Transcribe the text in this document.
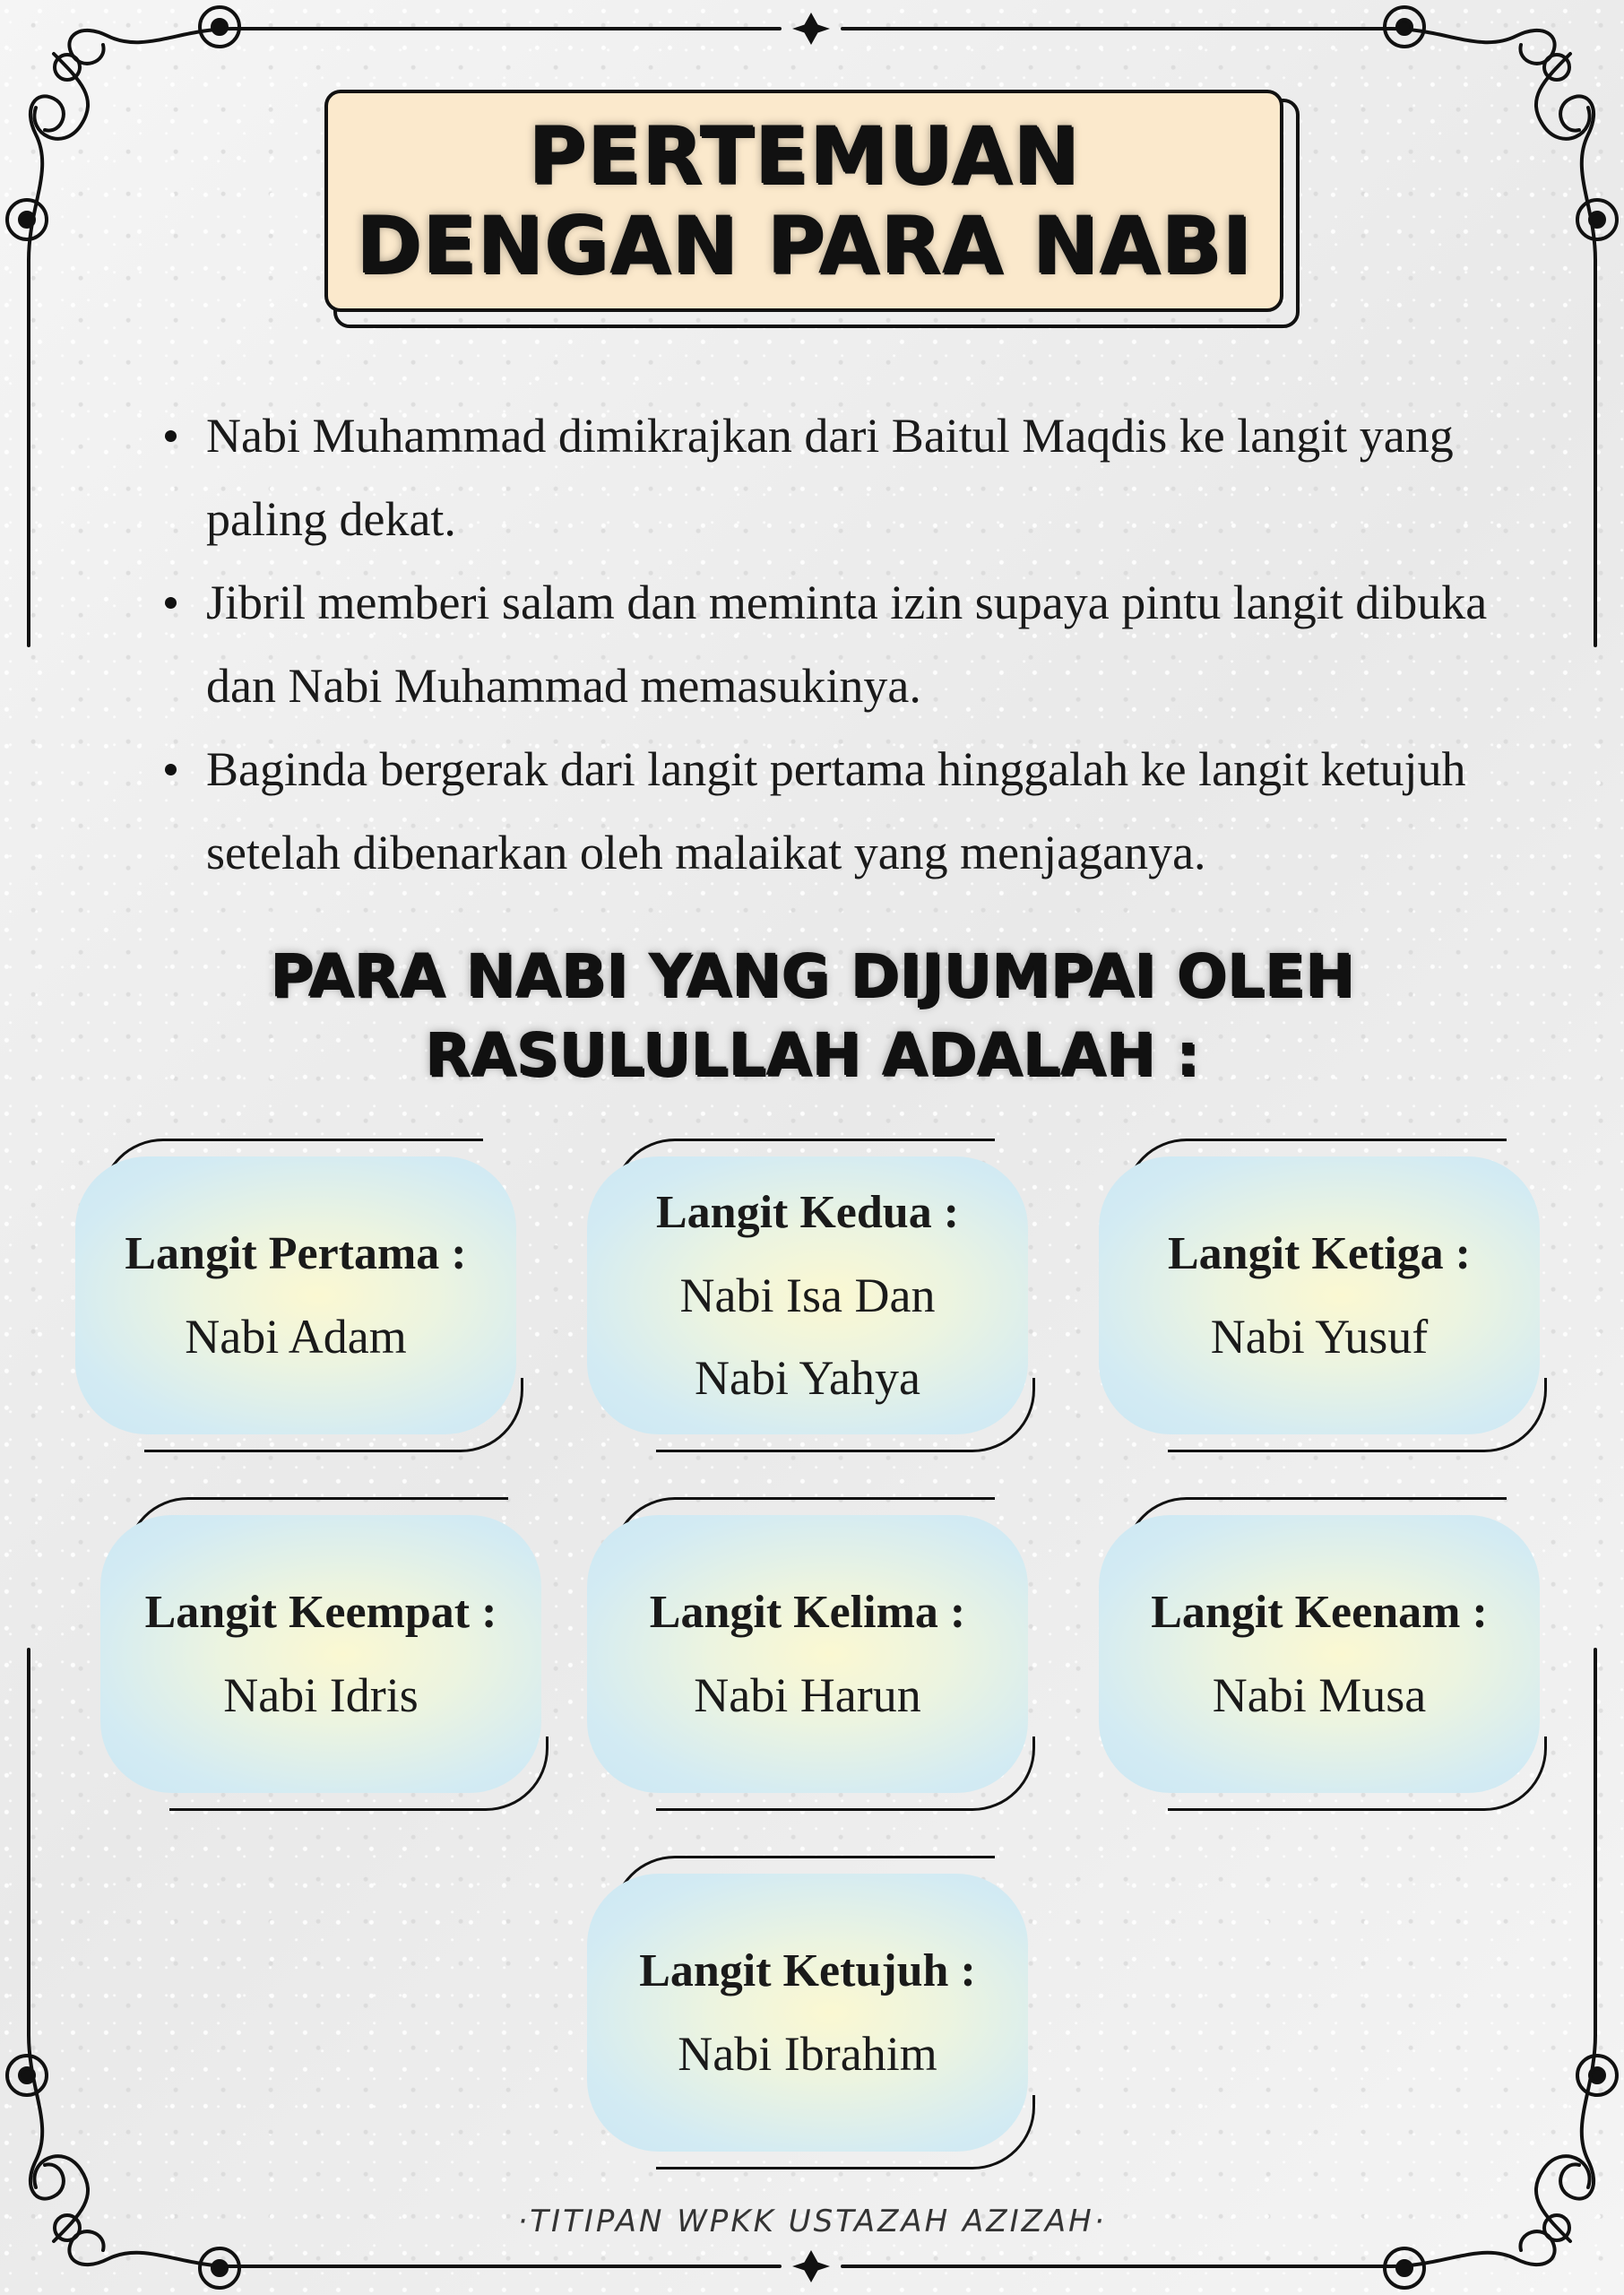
PERTEMUAN DENGAN PARA NABI
Nabi Muhammad dimikrajkan dari Baitul Maqdis ke langit yang paling dekat.
Jibril memberi salam dan meminta izin supaya pintu langit dibuka dan Nabi Muhammad memasukinya.
Baginda bergerak dari langit pertama hinggalah ke langit ketujuh setelah dibenarkan oleh malaikat yang menjaganya.
PARA NABI YANG DIJUMPAI OLEH RASULULLAH ADALAH :
Langit Pertama :
Nabi Adam
Langit Kedua :
Nabi Isa Dan Nabi Yahya
Langit Ketiga :
Nabi Yusuf
Langit Keempat :
Nabi Idris
Langit Kelima :
Nabi Harun
Langit Keenam :
Nabi Musa
Langit Ketujuh :
Nabi Ibrahim
·TITIPAN WPKK USTAZAH AZIZAH·
